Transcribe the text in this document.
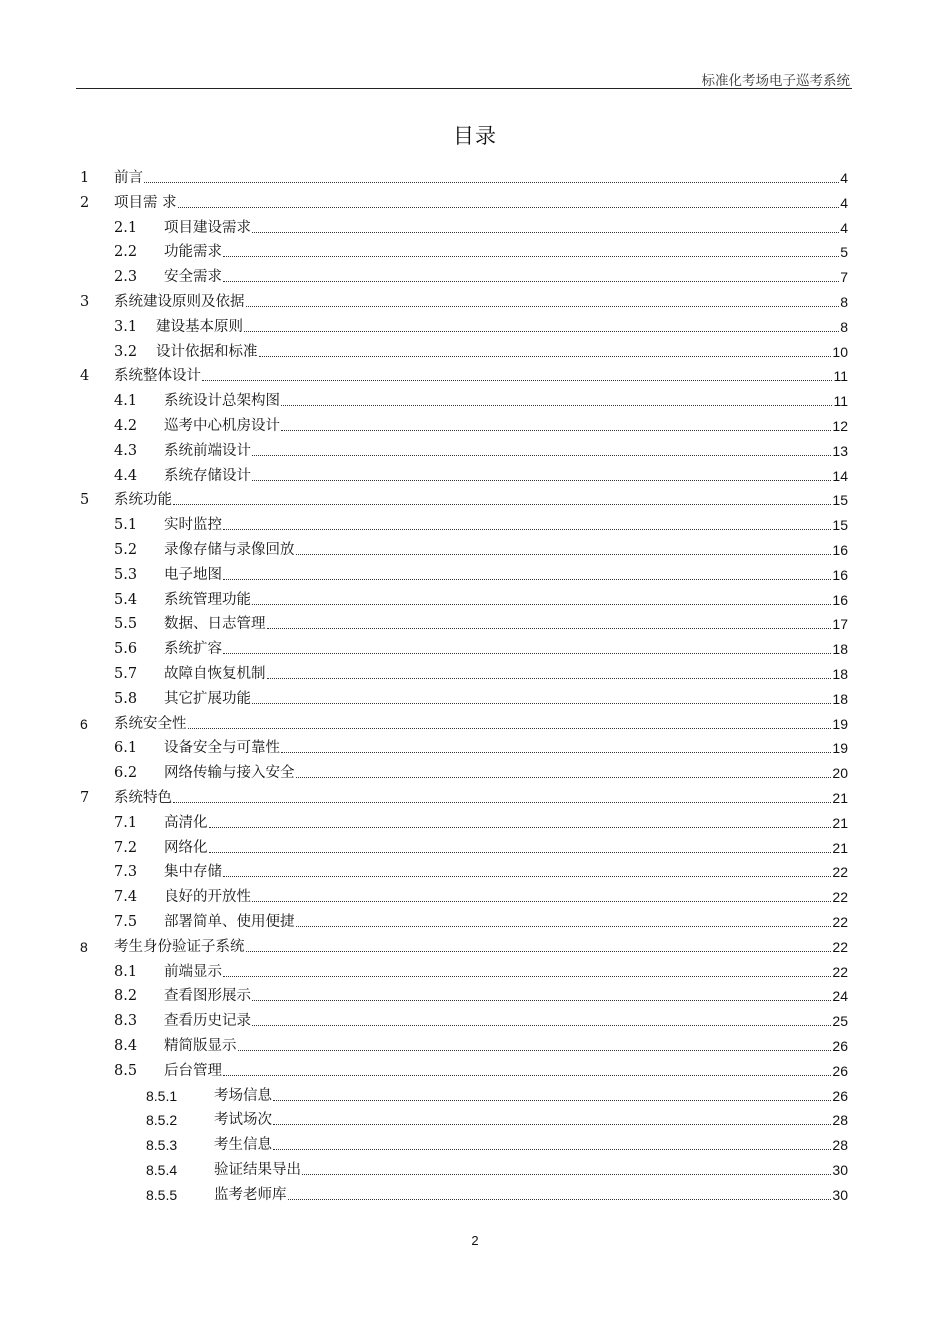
标准化考场电子巡考系统
目录
1	前言	4
2	项目需 求	4
2.1	项目建设需求	4
2.2	功能需求	5
2.3	安全需求	7
3	系统建设原则及依据	8
3.1	建设基本原则	8
3.2	设计依据和标准	10
4	系统整体设计	11
4.1	系统设计总架构图	11
4.2	巡考中心机房设计	12
4.3	系统前端设计	13
4.4	系统存储设计	14
5	系统功能	15
5.1	实时监控	15
5.2	录像存储与录像回放	16
5.3	电子地图	16
5.4	系统管理功能	16
5.5	数据、日志管理	17
5.6	系统扩容	18
5.7	故障自恢复机制	18
5.8	其它扩展功能	18
6	系统安全性	19
6.1	设备安全与可靠性	19
6.2	网络传输与接入安全	20
7	系统特色	21
7.1	高清化	21
7.2	网络化	21
7.3	集中存储	22
7.4	良好的开放性	22
7.5	部署简单、使用便捷	22
8	考生身份验证子系统	22
8.1	前端显示	22
8.2	查看图形展示	24
8.3	查看历史记录	25
8.4	精简版显示	26
8.5	后台管理	26
8.5.1	考场信息	26
8.5.2	考试场次	28
8.5.3	考生信息	28
8.5.4	验证结果导出	30
8.5.5	监考老师库	30
2
